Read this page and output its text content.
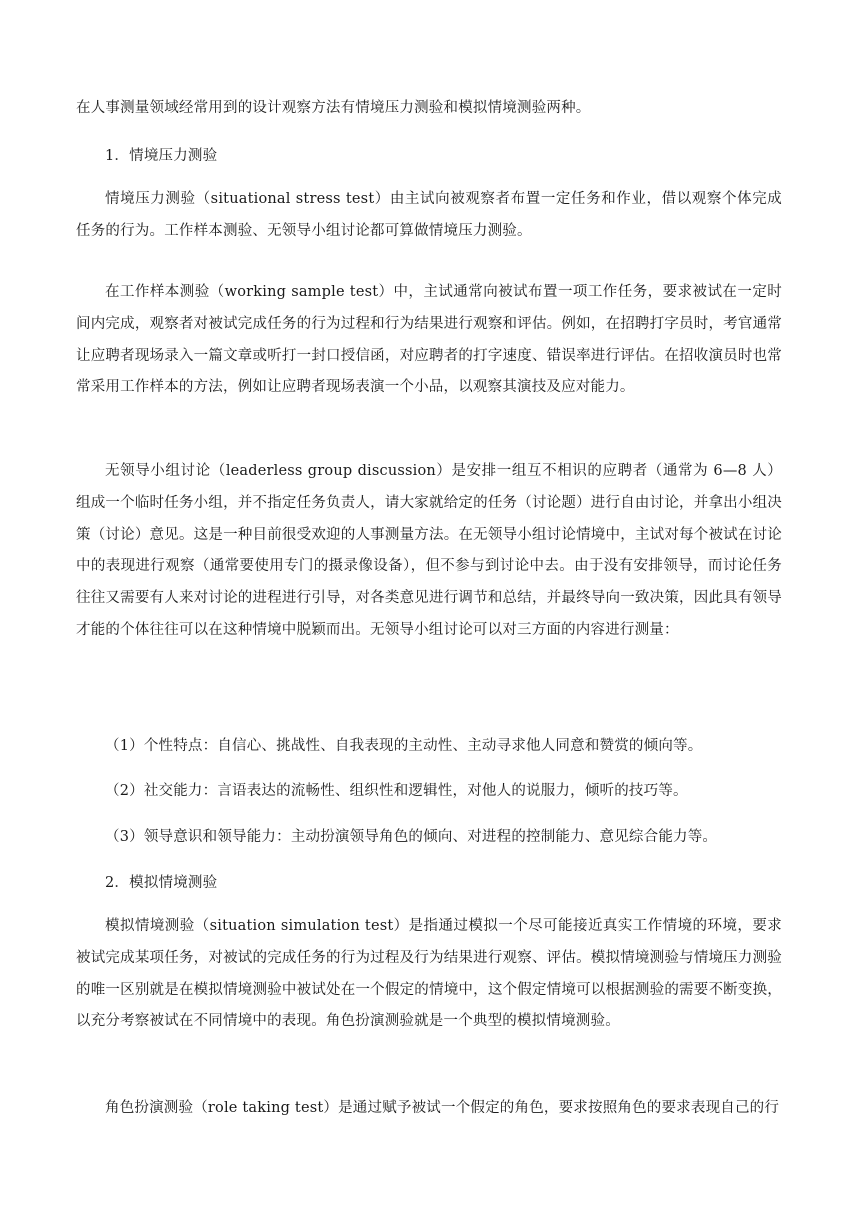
在人事测量领域经常用到的设计观察方法有情境压力测验和模拟情境测验两种。

1．情境压力测验

情境压力测验（situational stress test）由主试向被观察者布置一定任务和作业，借以观察个体完成任务的行为。工作样本测验、无领导小组讨论都可算做情境压力测验。

在工作样本测验（working sample test）中，主试通常向被试布置一项工作任务，要求被试在一定时间内完成，观察者对被试完成任务的行为过程和行为结果进行观察和评估。例如，在招聘打字员时，考官通常让应聘者现场录入一篇文章或听打一封口授信函，对应聘者的打字速度、错误率进行评估。在招收演员时也常常采用工作样本的方法，例如让应聘者现场表演一个小品，以观察其演技及应对能力。

无领导小组讨论（leaderless group discussion）是安排一组互不相识的应聘者（通常为 6—8 人）组成一个临时任务小组，并不指定任务负责人，请大家就给定的任务（讨论题）进行自由讨论，并拿出小组决策（讨论）意见。这是一种目前很受欢迎的人事测量方法。在无领导小组讨论情境中，主试对每个被试在讨论中的表现进行观察（通常要使用专门的摄录像设备），但不参与到讨论中去。由于没有安排领导，而讨论任务往往又需要有人来对讨论的进程进行引导，对各类意见进行调节和总结，并最终导向一致决策，因此具有领导才能的个体往往可以在这种情境中脱颖而出。无领导小组讨论可以对三方面的内容进行测量：

（1）个性特点：自信心、挑战性、自我表现的主动性、主动寻求他人同意和赞赏的倾向等。

（2）社交能力：言语表达的流畅性、组织性和逻辑性，对他人的说服力，倾听的技巧等。

（3）领导意识和领导能力：主动扮演领导角色的倾向、对进程的控制能力、意见综合能力等。

2．模拟情境测验

模拟情境测验（situation simulation test）是指通过模拟一个尽可能接近真实工作情境的环境，要求被试完成某项任务，对被试的完成任务的行为过程及行为结果进行观察、评估。模拟情境测验与情境压力测验的唯一区别就是在模拟情境测验中被试处在一个假定的情境中，这个假定情境可以根据测验的需要不断变换，以充分考察被试在不同情境中的表现。角色扮演测验就是一个典型的模拟情境测验。

角色扮演测验（role taking test）是通过赋予被试一个假定的角色，要求按照角色的要求表现自己的行
